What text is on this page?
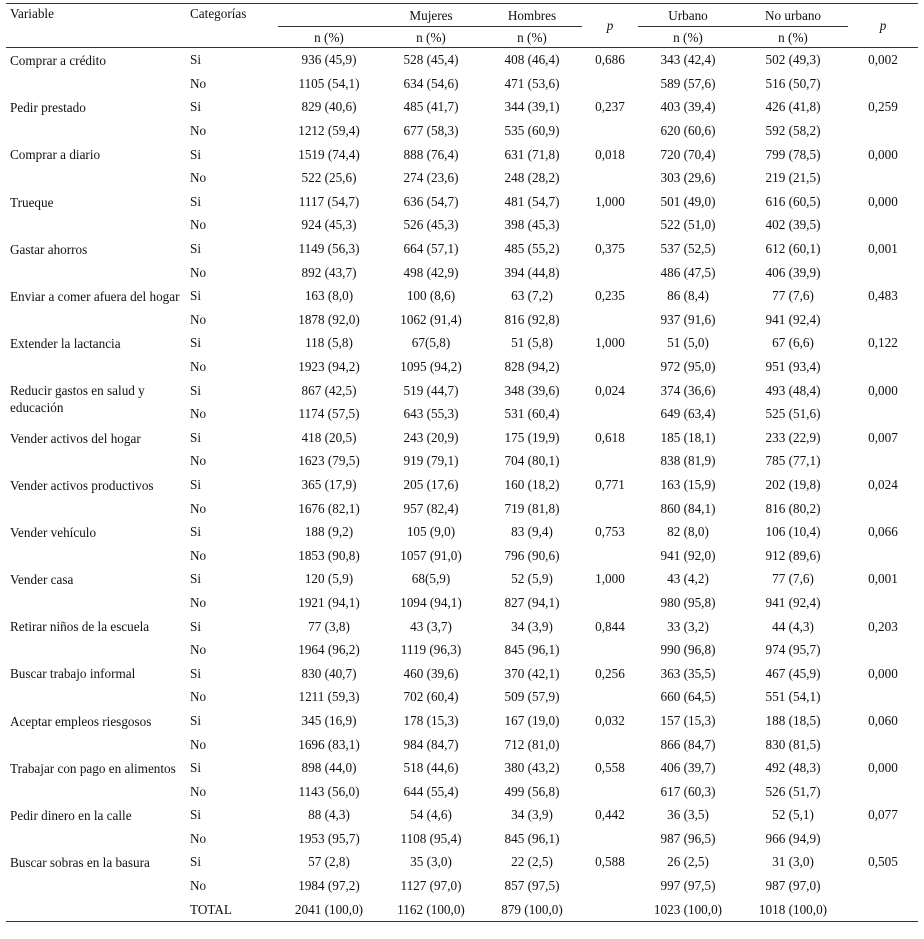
Variable	Categorías		Mujeres	Hombres	p	Urbano	No urbano	p
		n (%)	n (%)	n (%)		n (%)	n (%)	
Comprar a crédito	Si	936 (45,9)	528 (45,4)	408 (46,4)	0,686	343 (42,4)	502 (49,3)	0,002
	No	1105 (54,1)	634 (54,6)	471 (53,6)		589 (57,6)	516 (50,7)	
Pedir prestado	Si	829 (40,6)	485 (41,7)	344 (39,1)	0,237	403 (39,4)	426 (41,8)	0,259
	No	1212 (59,4)	677 (58,3)	535 (60,9)		620 (60,6)	592 (58,2)	
Comprar a diario	Si	1519 (74,4)	888 (76,4)	631 (71,8)	0,018	720 (70,4)	799 (78,5)	0,000
	No	522 (25,6)	274 (23,6)	248 (28,2)		303 (29,6)	219 (21,5)	
Trueque	Si	1117 (54,7)	636 (54,7)	481 (54,7)	1,000	501 (49,0)	616 (60,5)	0,000
	No	924 (45,3)	526 (45,3)	398 (45,3)		522 (51,0)	402 (39,5)	
Gastar ahorros	Si	1149 (56,3)	664 (57,1)	485 (55,2)	0,375	537 (52,5)	612 (60,1)	0,001
	No	892 (43,7)	498 (42,9)	394 (44,8)		486 (47,5)	406 (39,9)	
Enviar a comer afuera del hogar	Si	163 (8,0)	100 (8,6)	63 (7,2)	0,235	86 (8,4)	77 (7,6)	0,483
	No	1878 (92,0)	1062 (91,4)	816 (92,8)		937 (91,6)	941 (92,4)	
Extender la lactancia	Si	118 (5,8)	67(5,8)	51 (5,8)	1,000	51 (5,0)	67 (6,6)	0,122
	No	1923 (94,2)	1095 (94,2)	828 (94,2)		972 (95,0)	951 (93,4)	
Reducir gastos en salud y educación	Si	867 (42,5)	519 (44,7)	348 (39,6)	0,024	374 (36,6)	493 (48,4)	0,000
	No	1174 (57,5)	643 (55,3)	531 (60,4)		649 (63,4)	525 (51,6)	
Vender activos del hogar	Si	418 (20,5)	243 (20,9)	175 (19,9)	0,618	185 (18,1)	233 (22,9)	0,007
	No	1623 (79,5)	919 (79,1)	704 (80,1)		838 (81,9)	785 (77,1)	
Vender activos productivos	Si	365 (17,9)	205 (17,6)	160 (18,2)	0,771	163 (15,9)	202 (19,8)	0,024
	No	1676 (82,1)	957 (82,4)	719 (81,8)		860 (84,1)	816 (80,2)	
Vender vehículo	Si	188 (9,2)	105 (9,0)	83 (9,4)	0,753	82 (8,0)	106 (10,4)	0,066
	No	1853 (90,8)	1057 (91,0)	796 (90,6)		941 (92,0)	912 (89,6)	
Vender casa	Si	120 (5,9)	68(5,9)	52 (5,9)	1,000	43 (4,2)	77 (7,6)	0,001
	No	1921 (94,1)	1094 (94,1)	827 (94,1)		980 (95,8)	941 (92,4)	
Retirar niños de la escuela	Si	77 (3,8)	43 (3,7)	34 (3,9)	0,844	33 (3,2)	44 (4,3)	0,203
	No	1964 (96,2)	1119 (96,3)	845 (96,1)		990 (96,8)	974 (95,7)	
Buscar trabajo informal	Si	830 (40,7)	460 (39,6)	370 (42,1)	0,256	363 (35,5)	467 (45,9)	0,000
	No	1211 (59,3)	702 (60,4)	509 (57,9)		660 (64,5)	551 (54,1)	
Aceptar empleos riesgosos	Si	345 (16,9)	178 (15,3)	167 (19,0)	0,032	157 (15,3)	188 (18,5)	0,060
	No	1696 (83,1)	984 (84,7)	712 (81,0)		866 (84,7)	830 (81,5)	
Trabajar con pago en alimentos	Si	898 (44,0)	518 (44,6)	380 (43,2)	0,558	406 (39,7)	492 (48,3)	0,000
	No	1143 (56,0)	644 (55,4)	499 (56,8)		617 (60,3)	526 (51,7)	
Pedir dinero en la calle	Si	88 (4,3)	54 (4,6)	34 (3,9)	0,442	36 (3,5)	52 (5,1)	0,077
	No	1953 (95,7)	1108 (95,4)	845 (96,1)		987 (96,5)	966 (94,9)	
Buscar sobras en la basura	Si	57 (2,8)	35 (3,0)	22 (2,5)	0,588	26 (2,5)	31 (3,0)	0,505
	No	1984 (97,2)	1127 (97,0)	857 (97,5)		997 (97,5)	987 (97,0)	
	TOTAL	2041 (100,0)	1162 (100,0)	879 (100,0)		1023 (100,0)	1018 (100,0)	
